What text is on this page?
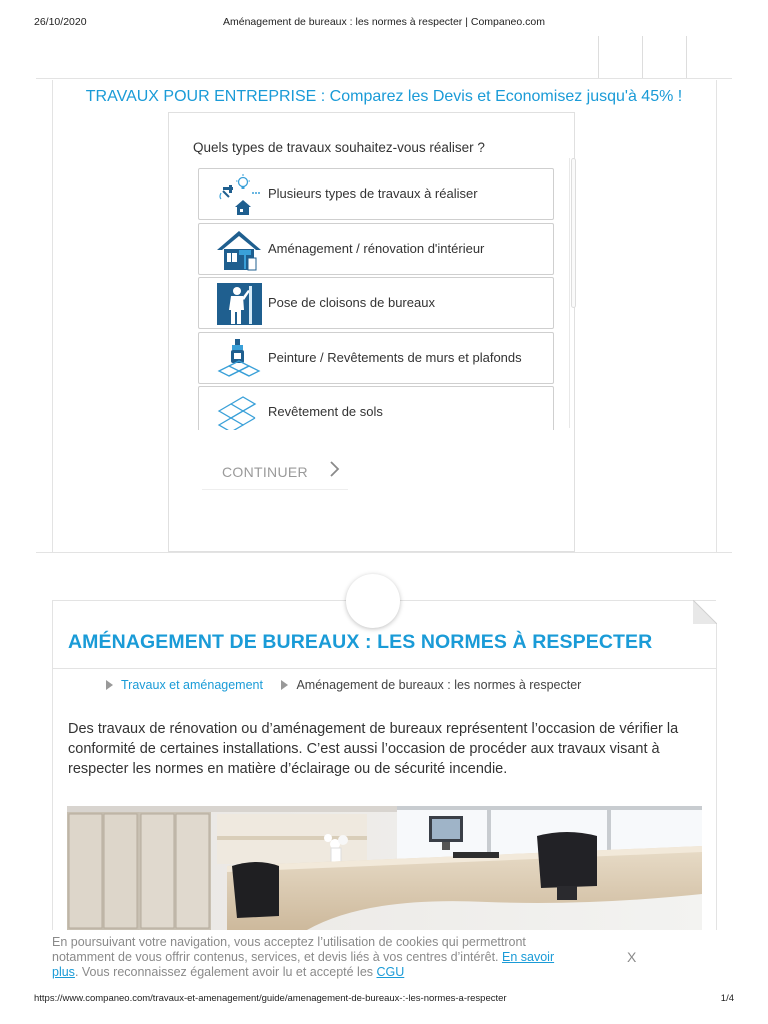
26/10/2020	Aménagement de bureaux : les normes à respecter | Companeo.com
TRAVAUX POUR ENTREPRISE : Comparez les Devis et Economisez jusqu'à 45% !
Quels types de travaux souhaitez-vous réaliser ?
Plusieurs types de travaux à réaliser
Aménagement / rénovation d'intérieur
Pose de cloisons de bureaux
Peinture / Revêtements de murs et plafonds
Revêtement de sols
CONTINUER
AMÉNAGEMENT DE BUREAUX : LES NORMES À RESPECTER
Travaux et aménagement	Aménagement de bureaux : les normes à respecter
Des travaux de rénovation ou d’aménagement de bureaux représentent l’occasion de vérifier la
conformité de certaines installations. C’est aussi l’occasion de procéder aux travaux visant à
respecter les normes en matière d’éclairage ou de sécurité incendie.
En poursuivant votre navigation, vous acceptez l’utilisation de cookies qui permettront
notamment de vous offrir contenus, services, et devis liés à vos centres d’intérêt. En savoir
plus. Vous reconnaissez également avoir lu et accepté les CGU
X
https://www.companeo.com/travaux-et-amenagement/guide/amenagement-de-bureaux-:-les-normes-a-respecter	1/4
